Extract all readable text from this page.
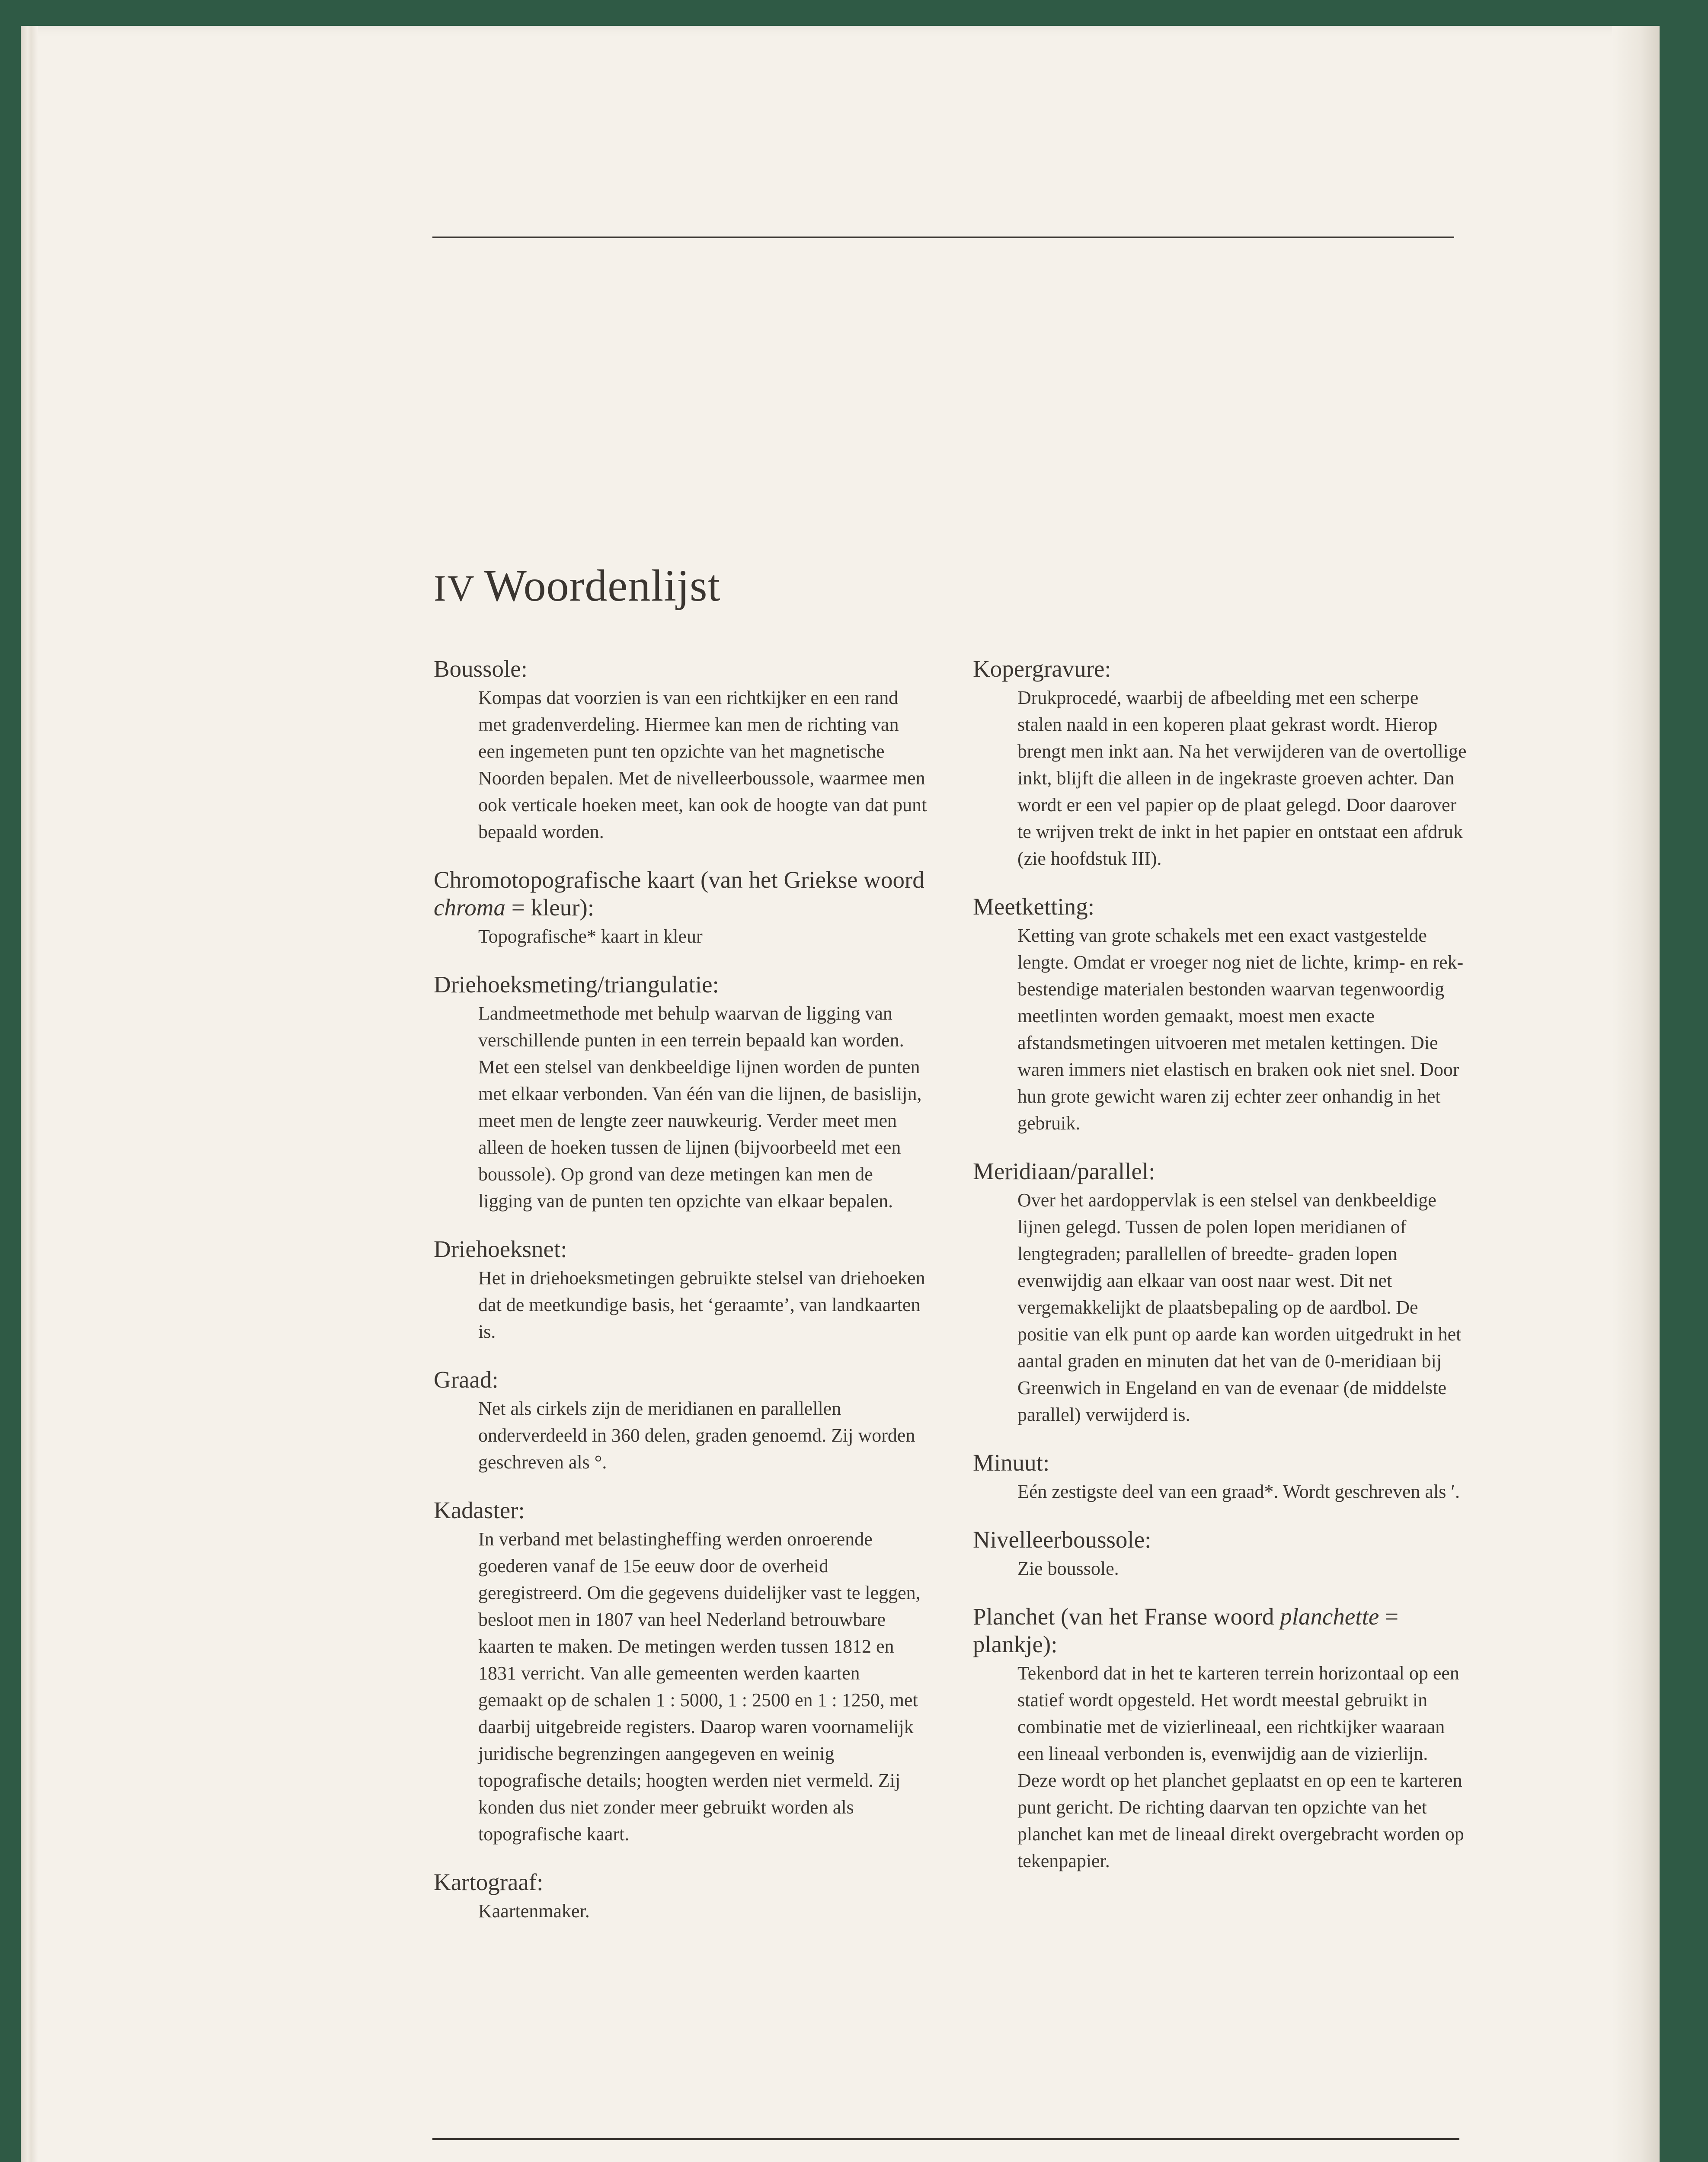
IV Woordenlijst

Boussole:

Kompas dat voorzien is van een richtkijker en een rand met gradenverdeling. Hiermee kan men de richting van een ingemeten punt ten opzichte van het magnetische Noorden bepalen. Met de nivelleerboussole, waarmee men ook verticale hoeken meet, kan ook de hoogte van dat punt bepaald worden.

Chromotopografische kaart (van het Griekse woord chroma = kleur):

Topografische* kaart in kleur

Driehoeksmeting/triangulatie:

Landmeetmethode met behulp waarvan de ligging van verschillende punten in een terrein bepaald kan worden. Met een stelsel van denkbeeldige lijnen worden de punten met elkaar verbonden. Van één van die lijnen, de basislijn, meet men de lengte zeer nauwkeurig. Verder meet men alleen de hoeken tussen de lijnen (bijvoorbeeld met een boussole). Op grond van deze metingen kan men de ligging van de punten ten opzichte van elkaar bepalen.

Driehoeksnet:

Het in driehoeksmetingen gebruikte stelsel van driehoeken dat de meetkundige basis, het ‘geraamte’, van landkaarten is.

Graad:

Net als cirkels zijn de meridianen en parallellen onderverdeeld in 360 delen, graden genoemd. Zij worden geschreven als °.

Kadaster:

In verband met belastingheffing werden onroerende goederen vanaf de 15e eeuw door de overheid geregistreerd. Om die gegevens duidelijker vast te leggen, besloot men in 1807 van heel Nederland betrouwbare kaarten te maken. De metingen werden tussen 1812 en 1831 verricht. Van alle gemeenten werden kaarten gemaakt op de schalen 1 : 5000, 1 : 2500 en 1 : 1250, met daarbij uitgebreide registers. Daarop waren voornamelijk juridische begrenzingen aangegeven en weinig topografische details; hoogten werden niet vermeld. Zij konden dus niet zonder meer gebruikt worden als topografische kaart.

Kartograaf:

Kaartenmaker.

Kopergravure:

Drukprocedé, waarbij de afbeelding met een scherpe stalen naald in een koperen plaat gekrast wordt. Hierop brengt men inkt aan. Na het verwijderen van de overtollige inkt, blijft die alleen in de ingekraste groeven achter. Dan wordt er een vel papier op de plaat gelegd. Door daarover te wrijven trekt de inkt in het papier en ontstaat een afdruk (zie hoofdstuk III).

Meetketting:

Ketting van grote schakels met een exact vastgestelde lengte. Omdat er vroeger nog niet de lichte, krimp- en rek- bestendige materialen bestonden waarvan tegenwoordig meetlinten worden gemaakt, moest men exacte afstandsmetingen uitvoeren met metalen kettingen. Die waren immers niet elastisch en braken ook niet snel. Door hun grote gewicht waren zij echter zeer onhandig in het gebruik.

Meridiaan/parallel:

Over het aardoppervlak is een stelsel van denkbeeldige lijnen gelegd. Tussen de polen lopen meridianen of lengtegraden; parallellen of breedte- graden lopen evenwijdig aan elkaar van oost naar west. Dit net vergemakkelijkt de plaatsbepaling op de aardbol. De positie van elk punt op aarde kan worden uitgedrukt in het aantal graden en minuten dat het van de 0-meridiaan bij Greenwich in Engeland en van de evenaar (de middelste parallel) verwijderd is.

Minuut:

Eén zestigste deel van een graad*. Wordt geschreven als ′.

Nivelleerboussole:

Zie boussole.

Planchet (van het Franse woord planchette = plankje):

Tekenbord dat in het te karteren terrein horizontaal op een statief wordt opgesteld. Het wordt meestal gebruikt in combinatie met de vizierlineaal, een richtkijker waaraan een lineaal verbonden is, evenwijdig aan de vizierlijn. Deze wordt op het planchet geplaatst en op een te karteren punt gericht. De richting daarvan ten opzichte van het planchet kan met de lineaal direkt overgebracht worden op tekenpapier.
